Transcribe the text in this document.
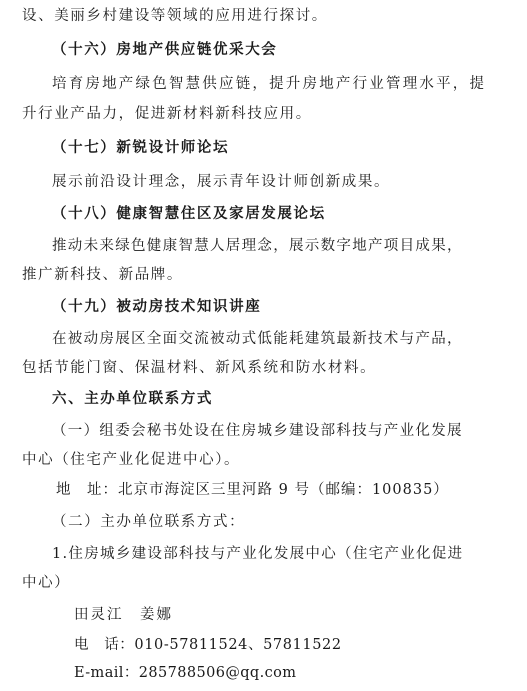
设、美丽乡村建设等领域的应用进行探讨。
（十六）房地产供应链优采大会
培育房地产绿色智慧供应链，提升房地产行业管理水平，提
升行业产品力，促进新材料新科技应用。
（十七）新锐设计师论坛
展示前沿设计理念，展示青年设计师创新成果。
（十八）健康智慧住区及家居发展论坛
推动未来绿色健康智慧人居理念，展示数字地产项目成果，
推广新科技、新品牌。
（十九）被动房技术知识讲座
在被动房展区全面交流被动式低能耗建筑最新技术与产品，
包括节能门窗、保温材料、新风系统和防水材料。
六、主办单位联系方式
（一）组委会秘书处设在住房城乡建设部科技与产业化发展
中心（住宅产业化促进中心）。
地　址：北京市海淀区三里河路 9 号（邮编：100835）
（二）主办单位联系方式：
1.住房城乡建设部科技与产业化发展中心（住宅产业化促进
中心）
田灵江　姜娜
电　话：010-57811524、57811522
E-mail：285788506@qq.com
